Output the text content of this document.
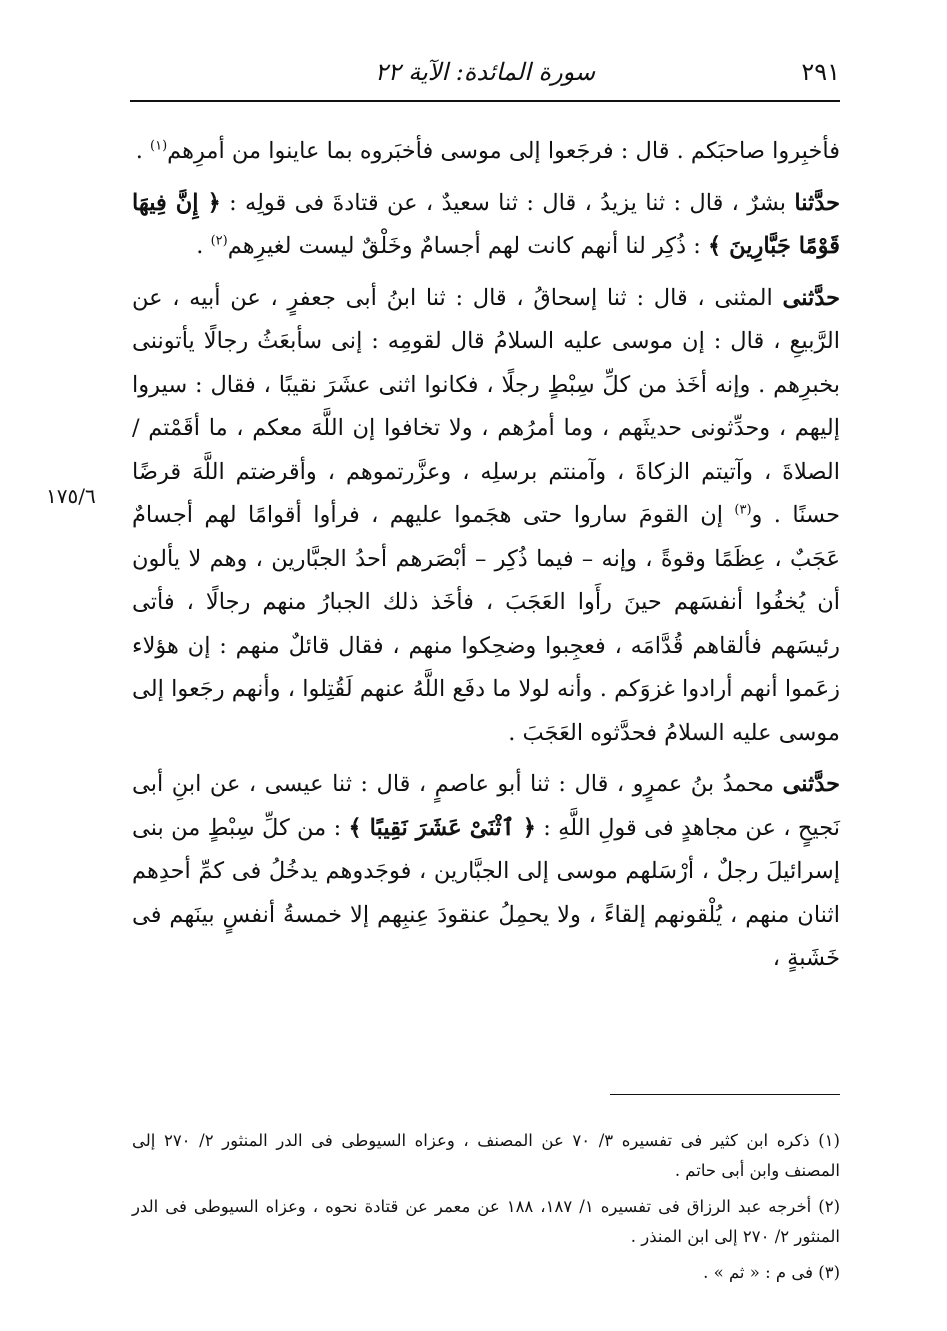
٢٩١
سورة المائدة: الآية ٢٢
١٧٥/٦

فأخبِروا صاحبَكم . قال : فرجَعوا إلى موسى فأخبَروه بما عاينوا من أمرِهم$^{(١)}$ .

حدَّثنا بشرٌ ، قال : ثنا يزيدُ ، قال : ثنا سعيدٌ ، عن قتادةَ فى قولِه : ﴿ إِنَّ فِيهَا قَوْمًا جَبَّارِينَ ﴾ : ذُكِر لنا أنهم كانت لهم أجسامٌ وخَلْقٌ ليست لغيرِهم$^{(٢)}$ .

حدَّثنى المثنى ، قال : ثنا إسحاقُ ، قال : ثنا ابنُ أبى جعفرٍ ، عن أبيه ، عن الرَّبيعِ ، قال : إن موسى عليه السلامُ قال لقومِه : إنى سأبعَثُ رجالًا يأتوننى بخبرِهم . وإنه أخَذ من كلِّ سِبْطٍ رجلًا ، فكانوا اثنى عشَرَ نقيبًا ، فقال : سيروا إليهم ، وحدِّثونى حديثَهم ، وما أمرُهم ، ولا تخافوا إن اللَّهَ معكم ، ما أقَمْتم / الصلاةَ ، وآتيتم الزكاةَ ، وآمنتم برسلِه ، وعزَّرتموهم ، وأقرضتم اللَّهَ قرضًا حسنًا . و$^{(٣)}$ إن القومَ ساروا حتى هجَموا عليهم ، فرأوا أقوامًا لهم أجسامٌ عَجَبٌ ، عِظَمًا وقوةً ، وإنه – فيما ذُكِر – أبْصَرهم أحدُ الجبَّارين ، وهم لا يألون أن يُخفُوا أنفسَهم حينَ رأَوا العَجَبَ ، فأخَذ ذلك الجبارُ منهم رجالًا ، فأتى رئيسَهم فألقاهم قُدَّامَه ، فعجِبوا وضحِكوا منهم ، فقال قائلٌ منهم : إن هؤلاء زعَموا أنهم أرادوا غزوَكم . وأنه لولا ما دفَع اللَّهُ عنهم لَقُتِلوا ، وأنهم رجَعوا إلى موسى عليه السلامُ فحدَّثوه العَجَبَ .

حدَّثنى محمدُ بنُ عمرٍو ، قال : ثنا أبو عاصمٍ ، قال : ثنا عيسى ، عن ابنِ أبى نَجيحٍ ، عن مجاهدٍ فى قولِ اللَّهِ : ﴿ ٱثْنَىْ عَشَرَ نَقِيبًا ﴾ : من كلِّ سِبْطٍ من بنى إسرائيلَ رجلٌ ، أرْسَلهم موسى إلى الجبَّارين ، فوجَدوهم يدخُلُ فى كمِّ أحدِهم اثنان منهم ، يُلْقونهم إلقاءً ، ولا يحمِلُ عنقودَ عِنبِهم إلا خمسةُ أنفسٍ بينَهم فى خَشَبةٍ ،

(١) ذكره ابن كثير فى تفسيره ٣/ ٧٠ عن المصنف ، وعزاه السيوطى فى الدر المنثور ٢/ ٢٧٠ إلى المصنف وابن أبى حاتم .

(٢) أخرجه عبد الرزاق فى تفسيره ١/ ١٨٧، ١٨٨ عن معمر عن قتادة نحوه ، وعزاه السيوطى فى الدر المنثور ٢/ ٢٧٠ إلى ابن المنذر .

(٣) فى م : « ثم » .
